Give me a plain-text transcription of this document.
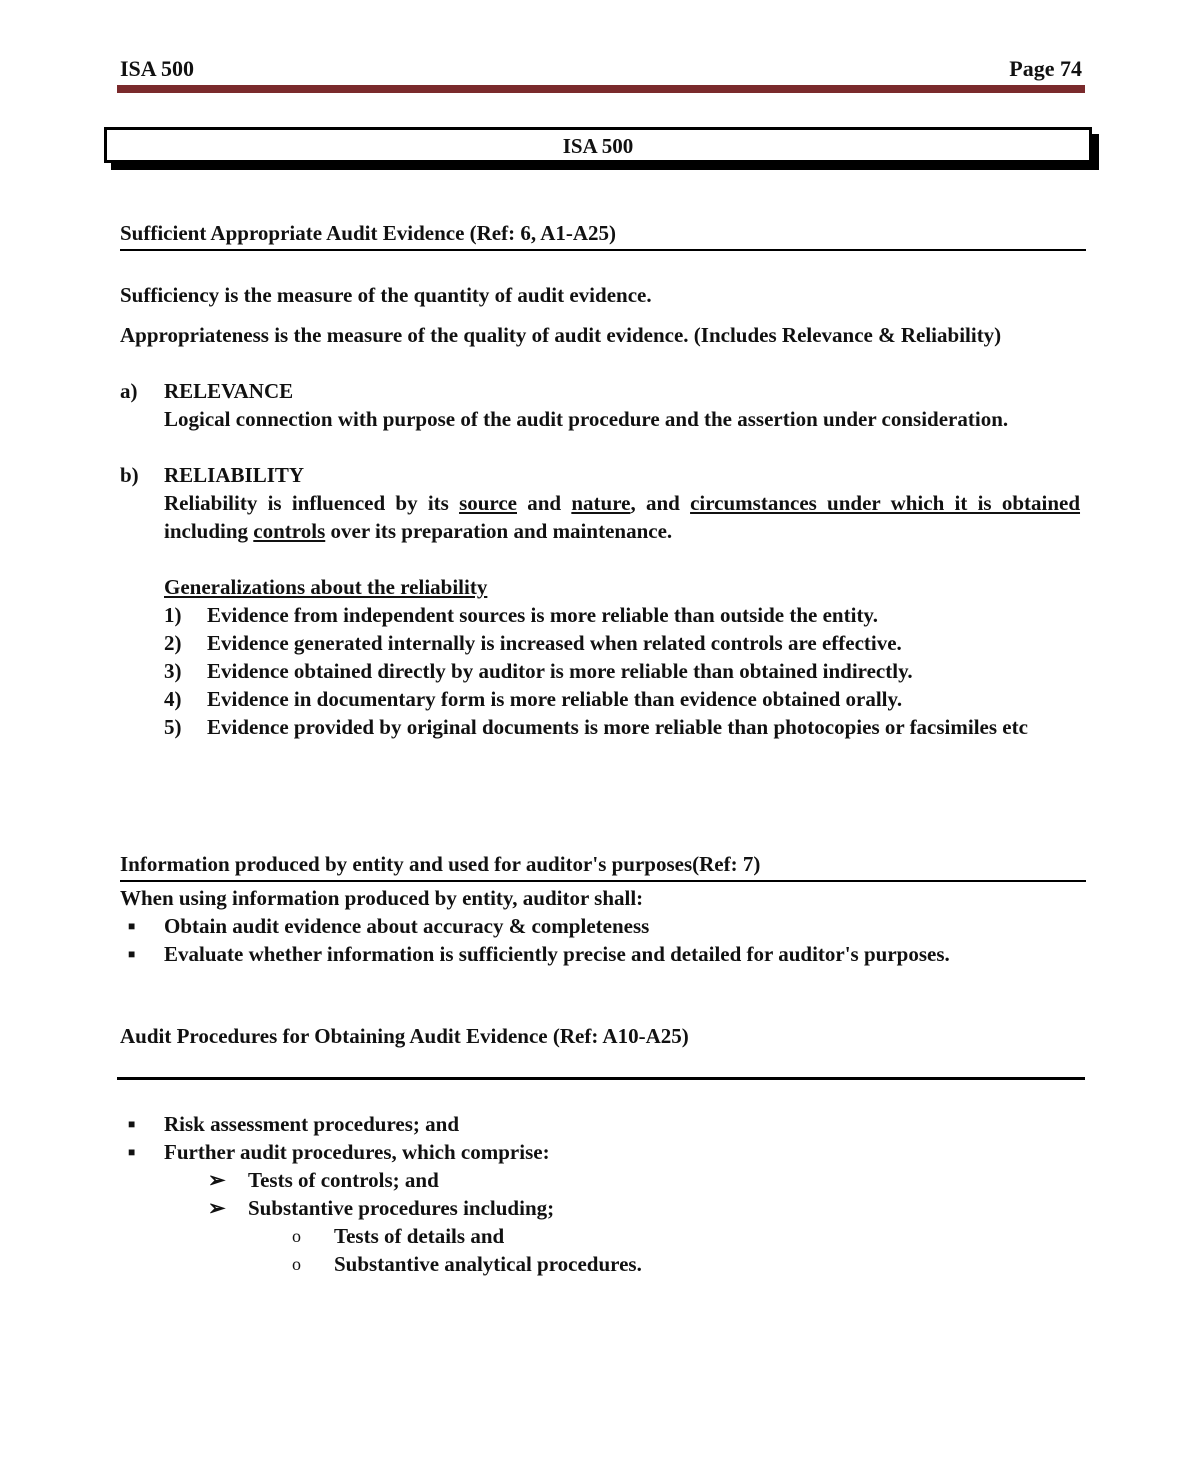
ISA 500	Page 74
ISA 500
Sufficient Appropriate Audit Evidence (Ref: 6, A1-A25)

Sufficiency is the measure of the quantity of audit evidence.

Appropriateness is the measure of the quality of audit evidence. (Includes Relevance & Reliability)

a)	RELEVANCE

Logical connection with purpose of the audit procedure and the assertion under consideration.

b)	RELIABILITY

Reliability is influenced by its source and nature, and circumstances under which it is obtained including controls over its preparation and maintenance.

Generalizations about the reliability

1)	Evidence from independent sources is more reliable than outside the entity.
2)	Evidence generated internally is increased when related controls are effective.
3)	Evidence obtained directly by auditor is more reliable than obtained indirectly.
4)	Evidence in documentary form is more reliable than evidence obtained orally.
5)	Evidence provided by original documents is more reliable than photocopies or facsimiles etc
Information produced by entity and used for auditor's purposes(Ref: 7)

When using information produced by entity, auditor shall:

■	Obtain audit evidence about accuracy & completeness
■	Evaluate whether information is sufficiently precise and detailed for auditor's purposes.
Audit Procedures for Obtaining Audit Evidence (Ref: A10-A25)
■	Risk assessment procedures; and
■	Further audit procedures, which comprise:
➢	Tests of controls; and
➢	Substantive procedures including;
o	Tests of details and
o	Substantive analytical procedures.
